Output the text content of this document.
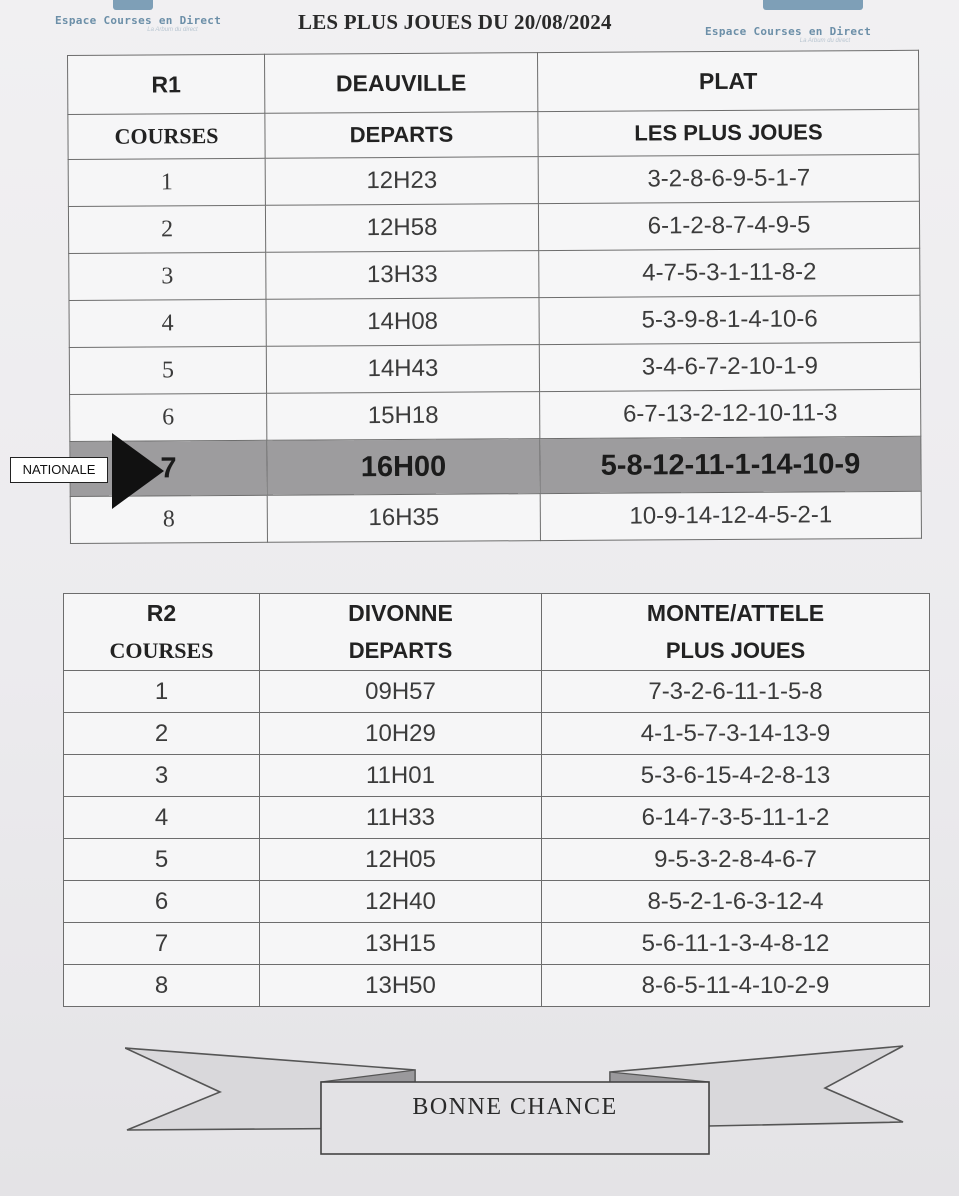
Espace Courses en Direct
La Arbum du direct	LES PLUS JOUES DU 20/08/2024	Espace Courses en Direct
La Arbum du direct
R1	DEAUVILLE	PLAT
COURSES	DEPARTS	LES PLUS JOUES
1	12H23	3-2-8-6-9-5-1-7
2	12H58	6-1-2-8-7-4-9-5
3	13H33	4-7-5-3-1-11-8-2
4	14H08	5-3-9-8-1-4-10-6
5	14H43	3-4-6-7-2-10-1-9
6	15H18	6-7-13-2-12-10-11-3
7	16H00	5-8-12-11-1-14-10-9
8	16H35	10-9-14-12-4-5-2-1
NATIONALE
R2	DIVONNE	MONTE/ATTELE
COURSES	DEPARTS	PLUS JOUES
1	09H57	7-3-2-6-11-1-5-8
2	10H29	4-1-5-7-3-14-13-9
3	11H01	5-3-6-15-4-2-8-13
4	11H33	6-14-7-3-5-11-1-2
5	12H05	9-5-3-2-8-4-6-7
6	12H40	8-5-2-1-6-3-12-4
7	13H15	5-6-11-1-3-4-8-12
8	13H50	8-6-5-11-4-10-2-9
BONNE CHANCE
